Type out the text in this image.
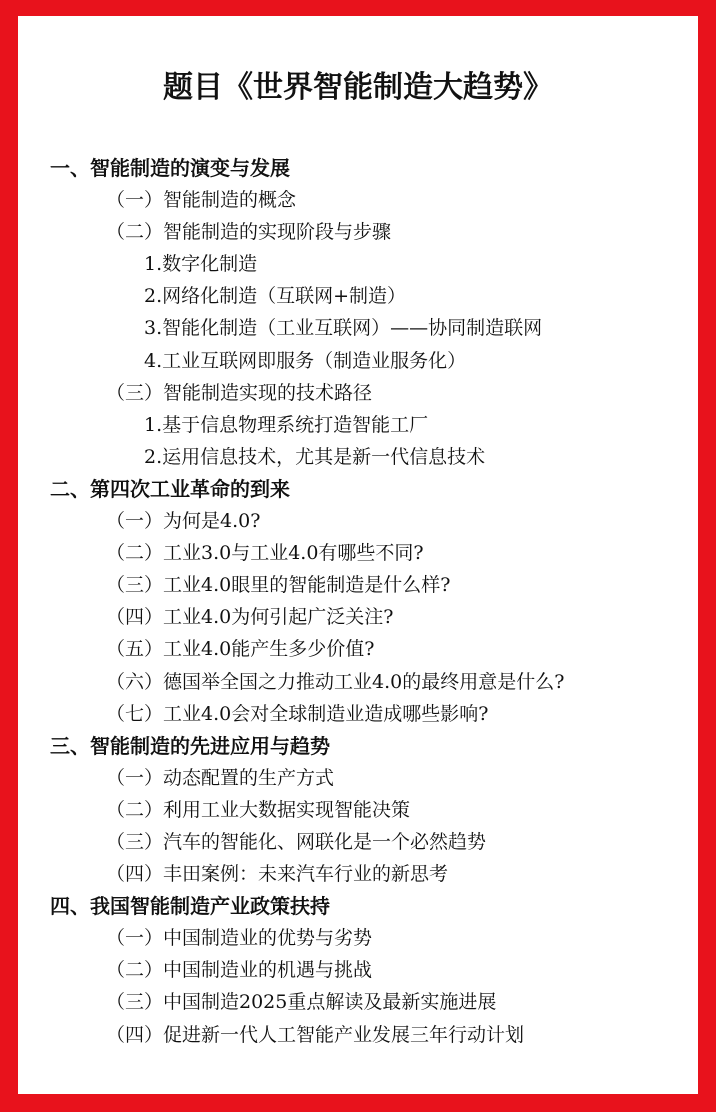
题目《世界智能制造大趋势》
一、智能制造的演变与发展
（一）智能制造的概念
（二）智能制造的实现阶段与步骤
1.数字化制造
2.网络化制造（互联网+制造）
3.智能化制造（工业互联网）——协同制造联网
4.工业互联网即服务（制造业服务化）
（三）智能制造实现的技术路径
1.基于信息物理系统打造智能工厂
2.运用信息技术，尤其是新一代信息技术
二、第四次工业革命的到来
（一）为何是4.0?
（二）工业3.0与工业4.0有哪些不同?
（三）工业4.0眼里的智能制造是什么样?
（四）工业4.0为何引起广泛关注?
（五）工业4.0能产生多少价值?
（六）德国举全国之力推动工业4.0的最终用意是什么?
（七）工业4.0会对全球制造业造成哪些影响?
三、智能制造的先进应用与趋势
（一）动态配置的生产方式
（二）利用工业大数据实现智能决策
（三）汽车的智能化、网联化是一个必然趋势
（四）丰田案例：未来汽车行业的新思考
四、我国智能制造产业政策扶持
（一）中国制造业的优势与劣势
（二）中国制造业的机遇与挑战
（三）中国制造2025重点解读及最新实施进展
（四）促进新一代人工智能产业发展三年行动计划
